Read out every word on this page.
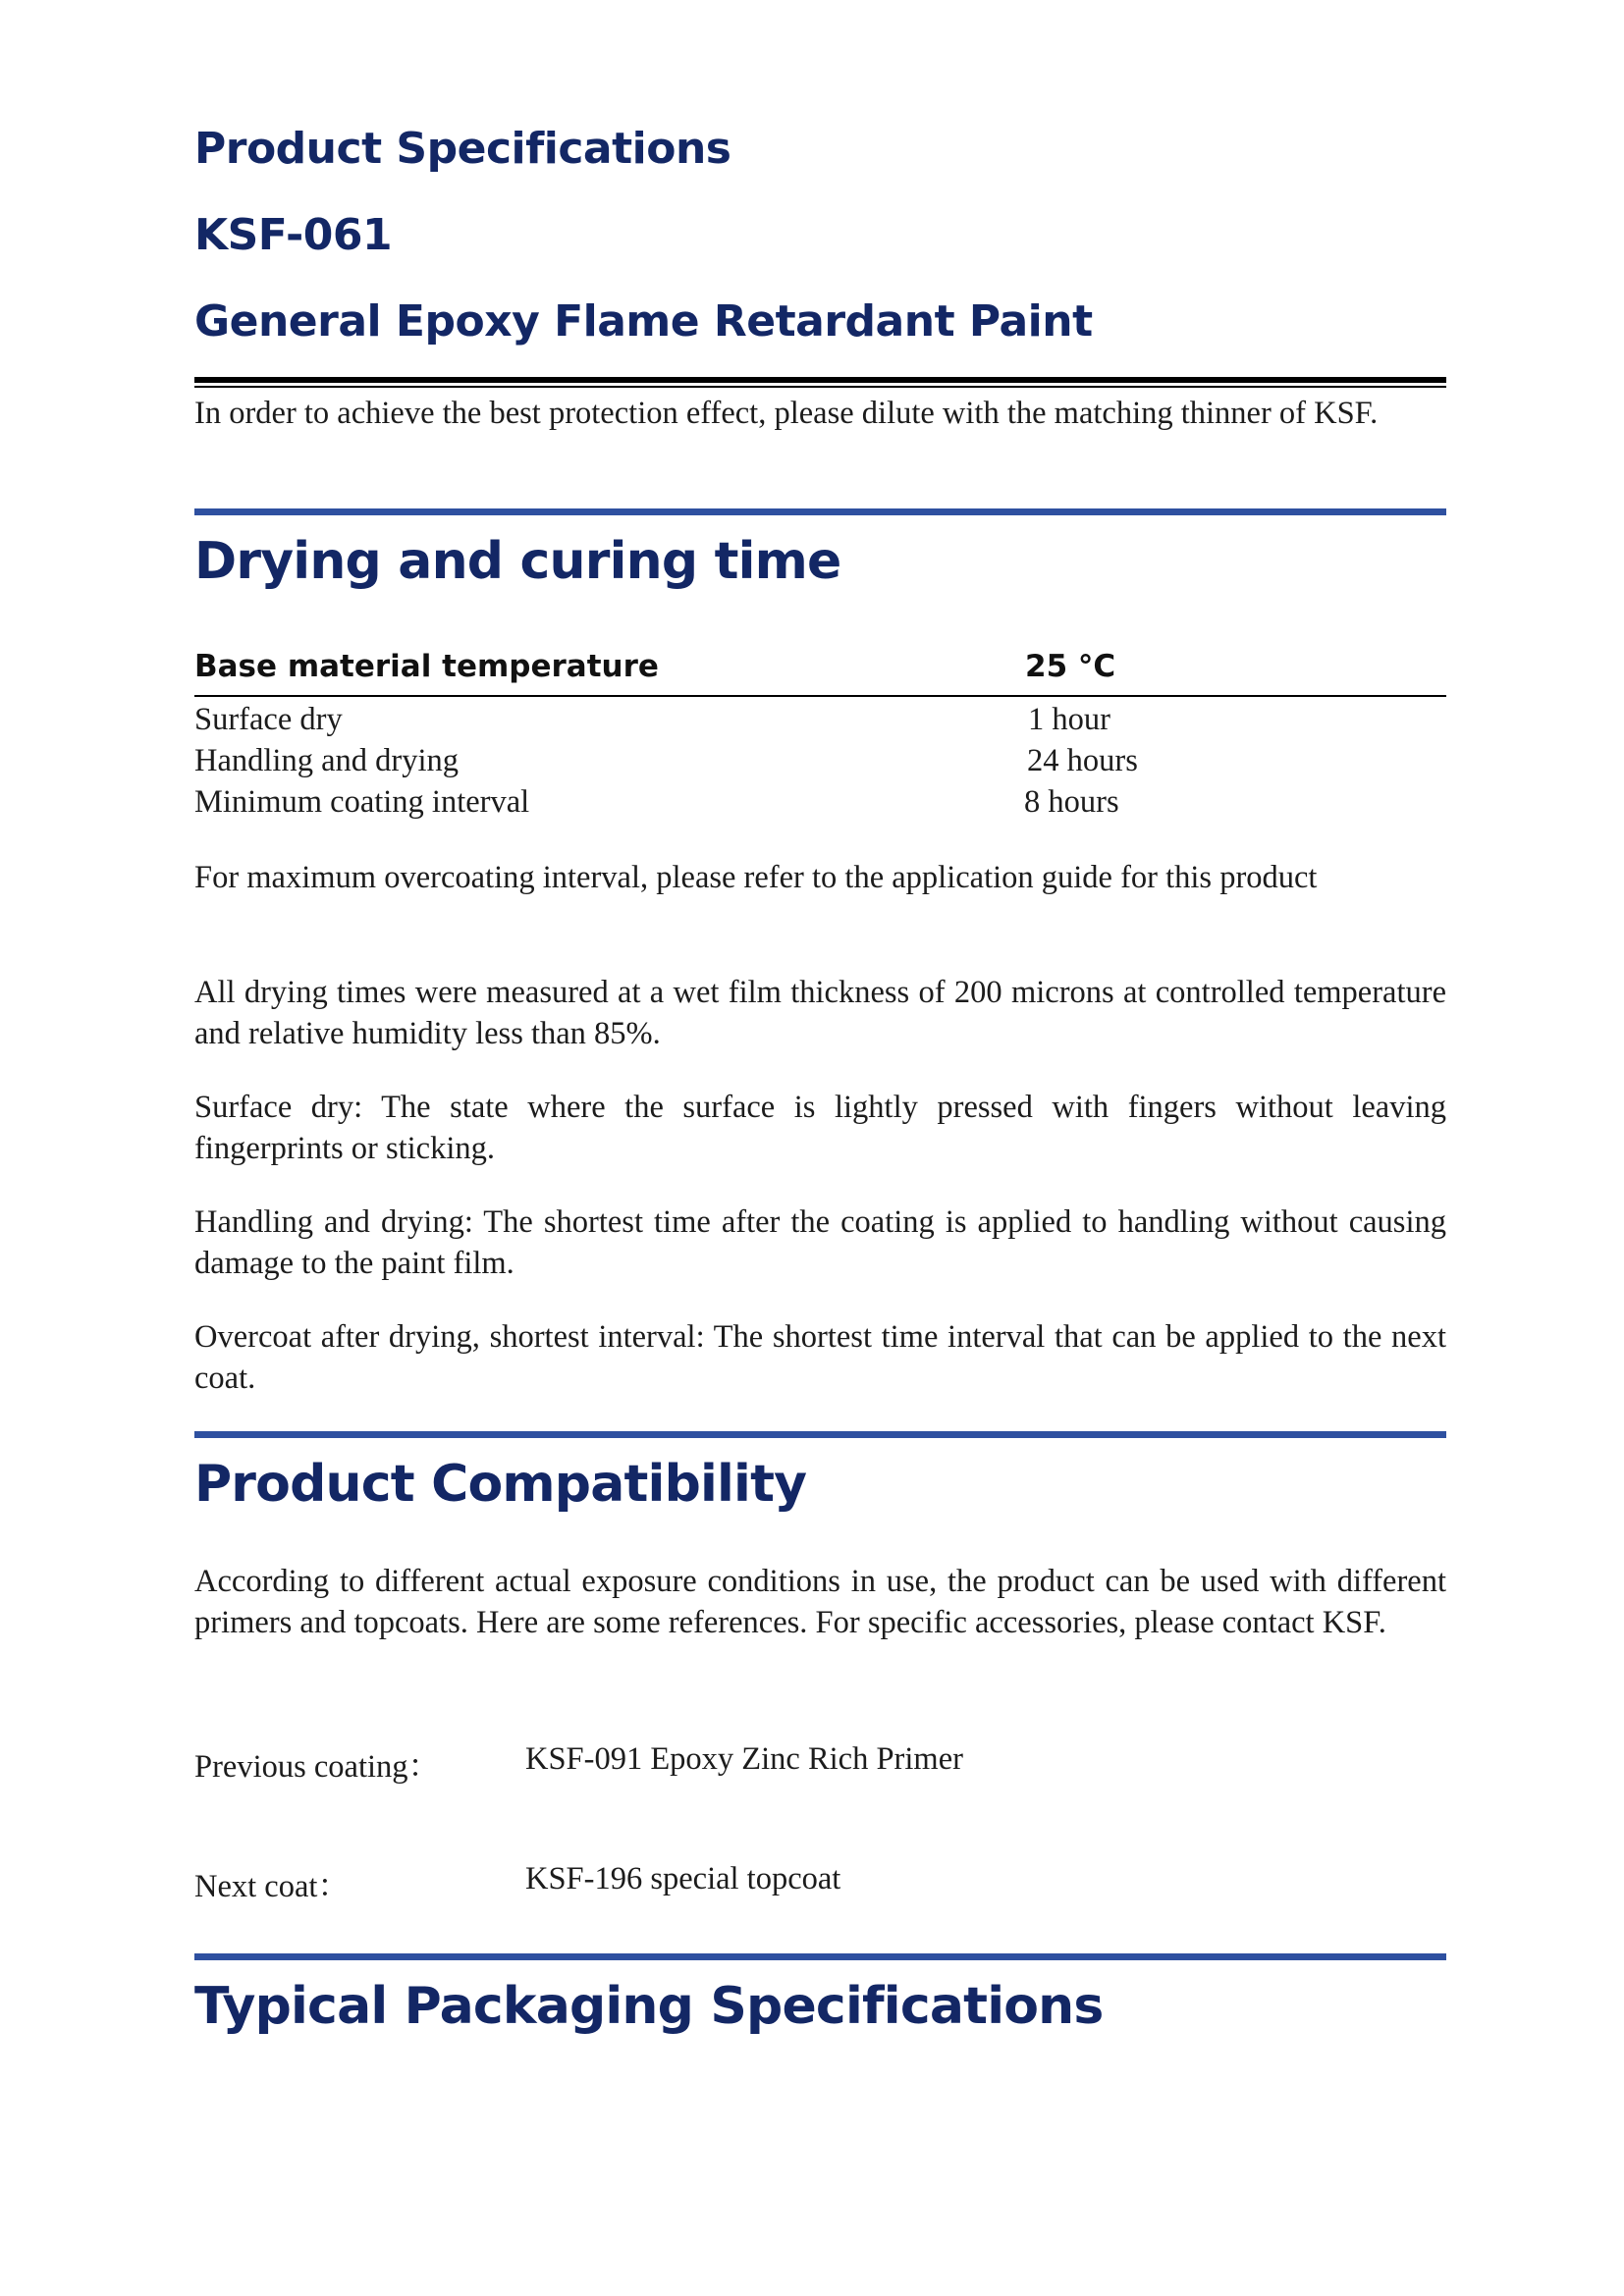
Product Specifications
KSF-061
General Epoxy Flame Retardant Paint

In order to achieve the best protection effect, please dilute with the matching thinner of KSF.

Drying and curing time
Base material temperature	25 °C
Surface dry	1 hour
Handling and drying	24 hours
Minimum coating interval	8 hours

For maximum overcoating interval, please refer to the application guide for this product

All drying times were measured at a wet film thickness of 200 microns at controlled temperature and relative humidity less than 85%.

Surface dry: The state where the surface is lightly pressed with fingers without leaving fingerprints or sticking.

Handling and drying: The shortest time after the coating is applied to handling without causing damage to the paint film.

Overcoat after drying, shortest interval: The shortest time interval that can be applied to the next coat.

Product Compatibility

According to different actual exposure conditions in use, the product can be used with different primers and topcoats. Here are some references. For specific accessories, please contact KSF.

Previous coating：	KSF-091 Epoxy Zinc Rich Primer
Next coat：	KSF-196 special topcoat
Typical Packaging Specifications
